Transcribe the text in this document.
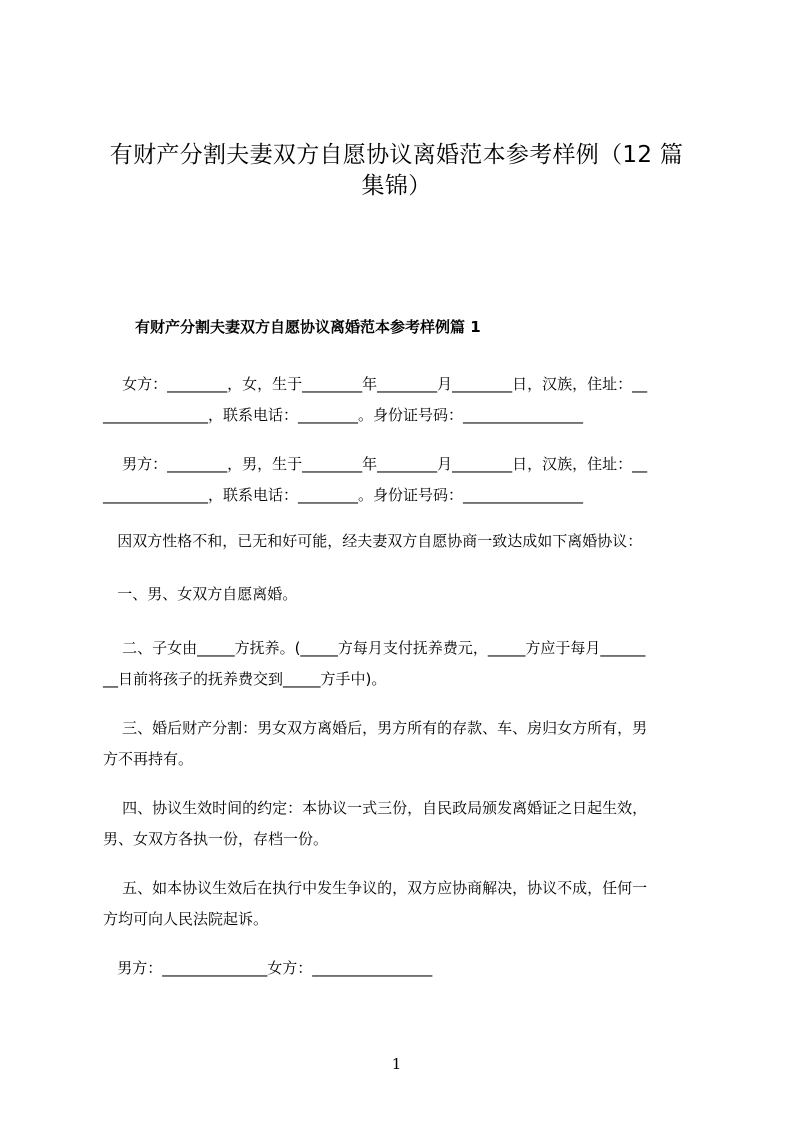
有财产分割夫妻双方自愿协议离婚范本参考样例（12 篇
集锦）
有财产分割夫妻双方自愿协议离婚范本参考样例篇 1
女方：________，女，生于________年________月________日，汉族，住址：__
______________，联系电话：________。身份证号码：________________
男方：________，男，生于________年________月________日，汉族，住址：__
______________，联系电话：________。身份证号码：________________
因双方性格不和，已无和好可能，经夫妻双方自愿协商一致达成如下离婚协议：
一、男、女双方自愿离婚。
二、子女由_____方抚养。(_____方每月支付抚养费元，_____方应于每月______
__日前将孩子的抚养费交到_____方手中)。
三、婚后财产分割：男女双方离婚后，男方所有的存款、车、房归女方所有，男
方不再持有。
四、协议生效时间的约定：本协议一式三份，自民政局颁发离婚证之日起生效，
男、女双方各执一份，存档一份。
五、如本协议生效后在执行中发生争议的，双方应协商解决，协议不成，任何一
方均可向人民法院起诉。
男方：______________女方：________________
1
